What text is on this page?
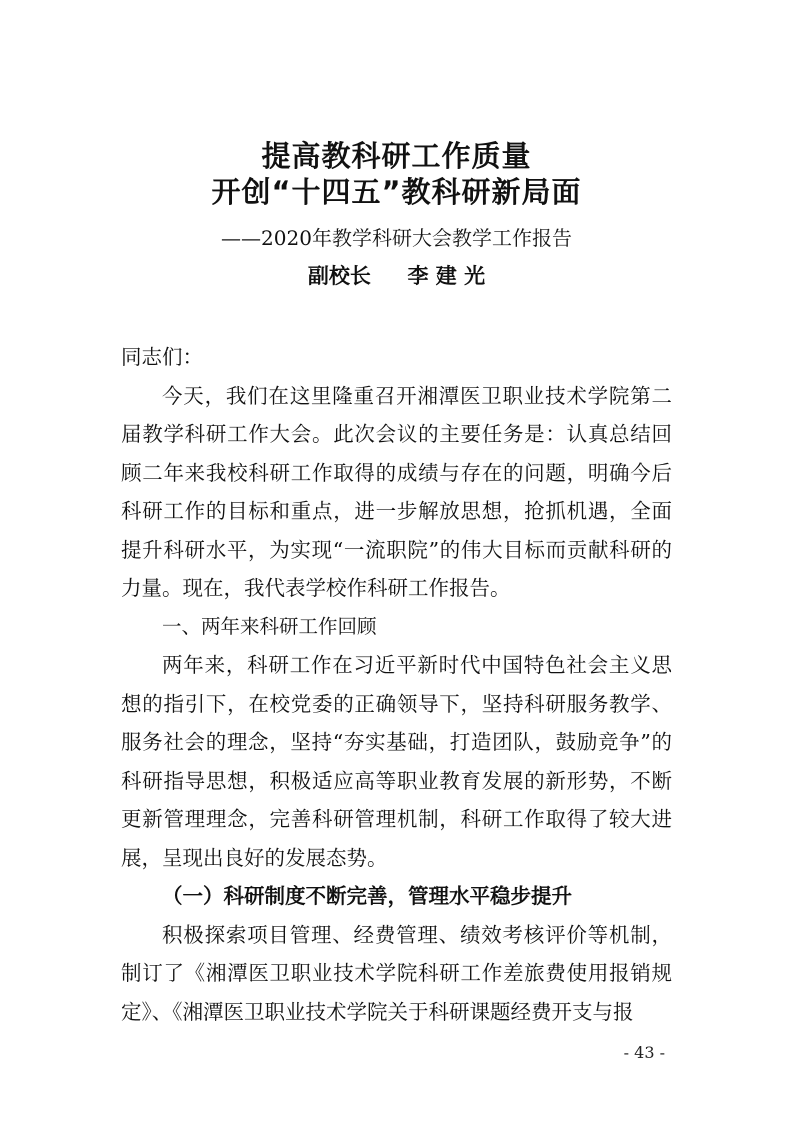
提高教科研工作质量
开创“十四五”教科研新局面
——2020年教学科研大会教学工作报告
副校长 李 建 光

同志们：

今天，我们在这里隆重召开湘潭医卫职业技术学院第二届教学科研工作大会。此次会议的主要任务是：认真总结回顾二年来我校科研工作取得的成绩与存在的问题，明确今后科研工作的目标和重点，进一步解放思想，抢抓机遇，全面提升科研水平，为实现“一流职院”的伟大目标而贡献科研的力量。现在，我代表学校作科研工作报告。

一、两年来科研工作回顾

两年来，科研工作在习近平新时代中国特色社会主义思想的指引下，在校党委的正确领导下，坚持科研服务教学、服务社会的理念，坚持“夯实基础，打造团队，鼓励竞争”的科研指导思想，积极适应高等职业教育发展的新形势，不断更新管理理念，完善科研管理机制，科研工作取得了较大进展，呈现出良好的发展态势。

（一）科研制度不断完善，管理水平稳步提升

积极探索项目管理、经费管理、绩效考核评价等机制，制订了《湘潭医卫职业技术学院科研工作差旅费使用报销规定》、《湘潭医卫职业技术学院关于科研课题经费开支与报

- 43 -
